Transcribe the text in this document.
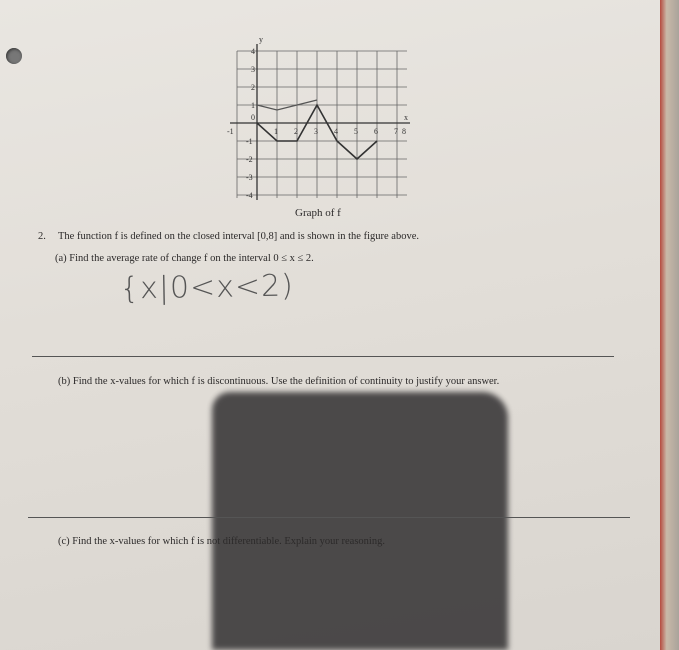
y
x
-1	1 2 3 4 5 6 7 8
4
3
2
1
0
-1
-2
-3
-4
Graph of f
2. The function f is defined on the closed interval [0,8] and is shown in the figure above.
(a) Find the average rate of change f on the interval 0 ≤ x ≤ 2.
{x|0<x<2)
(b) Find the x-values for which f is discontinuous. Use the definition of continuity to justify your answer.
(c) Find the x-values for which f is not differentiable. Explain your reasoning.
